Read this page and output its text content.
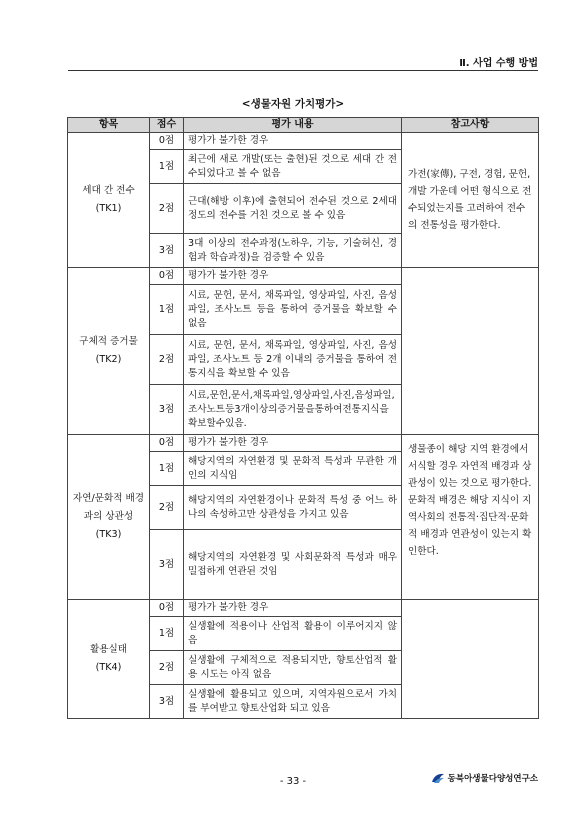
Ⅱ. 사업 수행 방법
<생물자원 가치평가>
항목	점수	평가 내용	참고사항

세대 간 전수
(TK1)	0점	평가가 불가한 경우	가전(家傳), 구전, 경험, 문헌, 개발 가운데 어떤 형식으로 전수되었는지를 고려하여 전수의 전통성을 평가한다.
	1점	최근에 새로 개발(또는 출현)된 것으로 세대 간 전수되었다고 볼 수 없음	
	2점	근대(해방 이후)에 출현되어 전수된 것으로 2세대 정도의 전수를 거친 것으로 볼 수 있음	
	3점	3대 이상의 전수과정(노하우, 기능, 기술허신, 경험과 학습과정)을 검증할 수 있음	

구체적 증거물
(TK2)	0점	평가가 불가한 경우	
	1점	시료, 문헌, 문서, 채록파일, 영상파일, 사진, 음성파일, 조사노트 등을 통하여 증거물을 확보할 수 없음	
	2점	시료, 문헌, 문서, 채록파일, 영상파일, 사진, 음성파일, 조사노트 등 2개 이내의 증거물을 통하여 전통지식을 확보할 수 있음	
	3점	시료,문헌,문서,채록파일,영상파일,사진,음성파일,조사노트등3개이상의증거물을통하여전통지식을확보할수있음.	

자연/문화적 배경과의 상관성
(TK3)	0점	평가가 불가한 경우	생물종이 해당 지역 환경에서 서식할 경우 자연적 배경과 상관성이 있는 것으로 평가한다. 문화적 배경은 해당 지식이 지역사회의 전통적·집단적·문화적 배경과 연관성이 있는지 확인한다.
	1점	해당지역의 자연환경 및 문화적 특성과 무관한 개인의 지식임	
	2점	해당지역의 자연환경이나 문화적 특성 중 어느 하나의 속성하고만 상관성을 가지고 있음	
	3점	해당지역의 자연환경 및 사회문화적 특성과 매우 밀접하게 연관된 것임	

활용실태
(TK4)	0점	평가가 불가한 경우	
	1점	실생활에 적용이나 산업적 활용이 이루어지지 않음	
	2점	실생활에 구체적으로 적용되지만, 향토산업적 활용 시도는 아직 없음	
	3점	실생활에 활용되고 있으며, 지역자원으로서 가치를 부여받고 향토산업화 되고 있음	
- 33 -	동북아생물다양성연구소
